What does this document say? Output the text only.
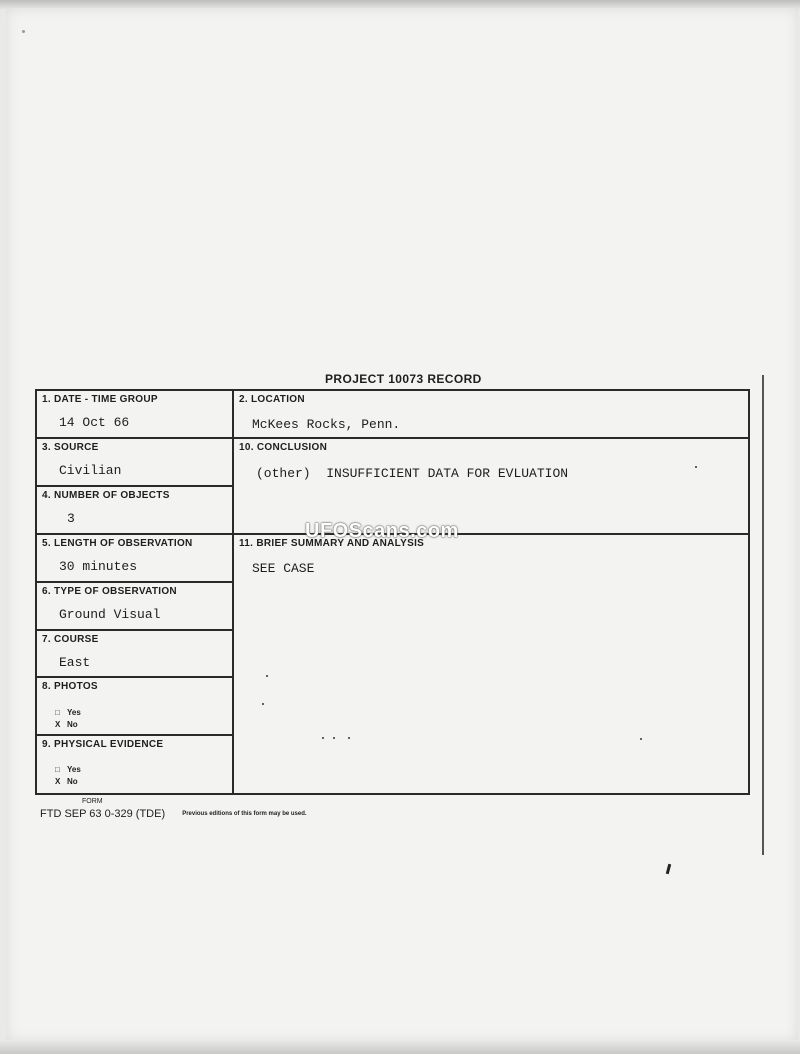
PROJECT 10073 RECORD
1. DATE - TIME GROUP
14 Oct 66
3. SOURCE
Civilian
4. NUMBER OF OBJECTS
3
5. LENGTH OF OBSERVATION
30 minutes
6. TYPE OF OBSERVATION
Ground Visual
7. COURSE
East
8. PHOTOS
□ Yes
X No
9. PHYSICAL EVIDENCE
□ Yes
X No
2. LOCATION
McKees Rocks, Penn.
10. CONCLUSION
(other)  INSUFFICIENT DATA FOR EVLUATION
11. BRIEF SUMMARY AND ANALYSIS
SEE CASE
UFOScans.com
FORM
FTD SEP 63 0-329 (TDE)	Previous editions of this form may be used.
